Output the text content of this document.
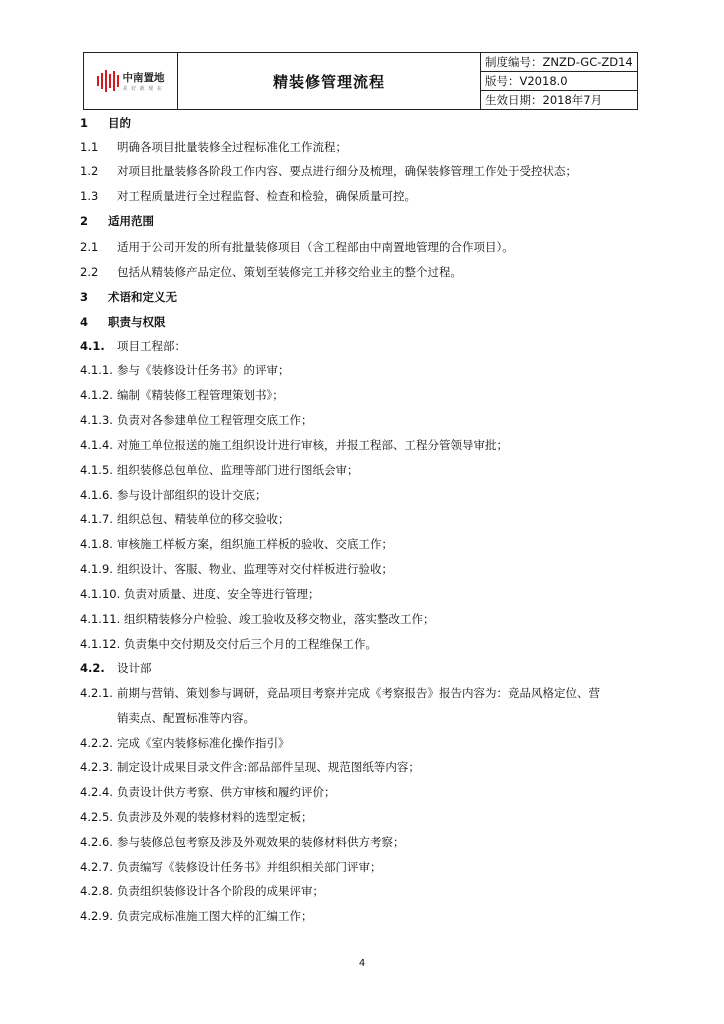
中南置地
美 好 就 现 在	精装修管理流程	制度编号：ZNZD-GC-ZD14
版号：V2018.0
生效日期：2018年7月
1 目的
1.1 明确各项目批量装修全过程标准化工作流程；
1.2 对项目批量装修各阶段工作内容、要点进行细分及梳理，确保装修管理工作处于受控状态；
1.3 对工程质量进行全过程监督、检查和检验，确保质量可控。
2 适用范围
2.1 适用于公司开发的所有批量装修项目（含工程部由中南置地管理的合作项目）。
2.2 包括从精装修产品定位、策划至装修完工并移交给业主的整个过程。
3 术语和定义无
4 职责与权限
4.1. 项目工程部：
4.1.1. 参与《装修设计任务书》的评审；
4.1.2. 编制《精装修工程管理策划书》；
4.1.3. 负责对各参建单位工程管理交底工作；
4.1.4. 对施工单位报送的施工组织设计进行审核，并报工程部、工程分管领导审批；
4.1.5. 组织装修总包单位、监理等部门进行图纸会审；
4.1.6. 参与设计部组织的设计交底；
4.1.7. 组织总包、精装单位的移交验收；
4.1.8. 审核施工样板方案，组织施工样板的验收、交底工作；
4.1.9. 组织设计、客服、物业、监理等对交付样板进行验收；
4.1.10. 负责对质量、进度、安全等进行管理；
4.1.11. 组织精装修分户检验、竣工验收及移交物业，落实整改工作；
4.1.12. 负责集中交付期及交付后三个月的工程维保工作。
4.2. 设计部
4.2.1. 前期与营销、策划参与调研，竞品项目考察并完成《考察报告》报告内容为：竞品风格定位、营
销卖点、配置标准等内容。
4.2.2. 完成《室内装修标准化操作指引》
4.2.3. 制定设计成果目录文件含:部品部件呈现、规范图纸等内容；
4.2.4. 负责设计供方考察、供方审核和履约评价；
4.2.5. 负责涉及外观的装修材料的选型定板；
4.2.6. 参与装修总包考察及涉及外观效果的装修材料供方考察；
4.2.7. 负责编写《装修设计任务书》并组织相关部门评审；
4.2.8. 负责组织装修设计各个阶段的成果评审；
4.2.9. 负责完成标准施工图大样的汇编工作；
4
